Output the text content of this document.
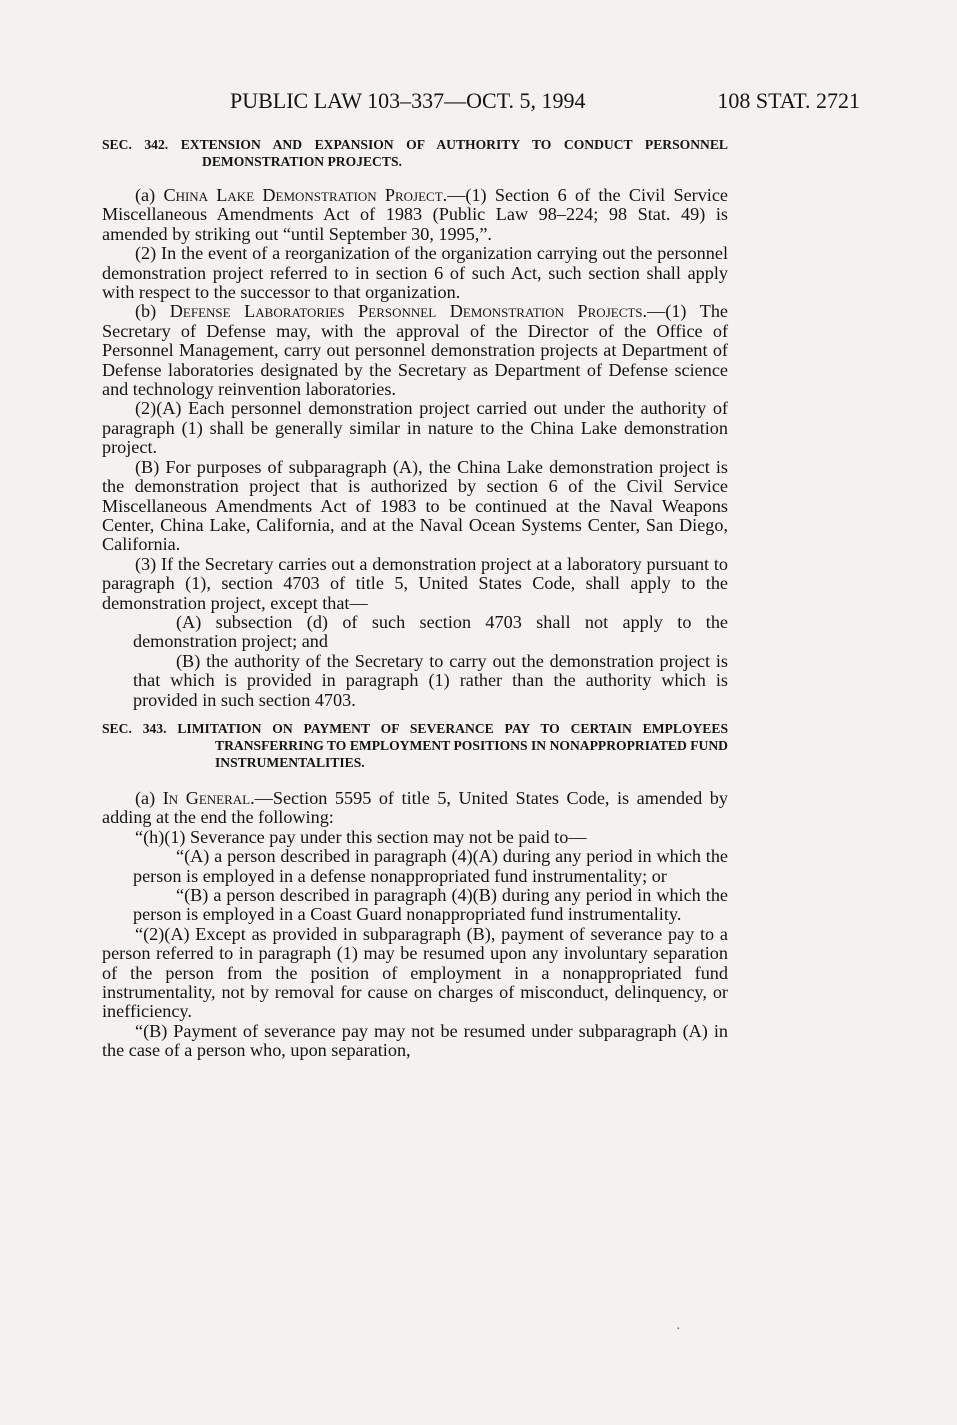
PUBLIC LAW 103–337—OCT. 5, 1994	108 STAT. 2721

SEC. 342. EXTENSION AND EXPANSION OF AUTHORITY TO CONDUCT PERSONNEL DEMONSTRATION PROJECTS.

(a) China Lake Demonstration Project.—(1) Section 6 of the Civil Service Miscellaneous Amendments Act of 1983 (Public Law 98–224; 98 Stat. 49) is amended by striking out “until September 30, 1995,”.

(2) In the event of a reorganization of the organization carrying out the personnel demonstration project referred to in section 6 of such Act, such section shall apply with respect to the successor to that organization.

(b) Defense Laboratories Personnel Demonstration Projects.—(1) The Secretary of Defense may, with the approval of the Director of the Office of Personnel Management, carry out personnel demonstration projects at Department of Defense laboratories designated by the Secretary as Department of Defense science and technology reinvention laboratories.

(2)(A) Each personnel demonstration project carried out under the authority of paragraph (1) shall be generally similar in nature to the China Lake demonstration project.

(B) For purposes of subparagraph (A), the China Lake demonstration project is the demonstration project that is authorized by section 6 of the Civil Service Miscellaneous Amendments Act of 1983 to be continued at the Naval Weapons Center, China Lake, California, and at the Naval Ocean Systems Center, San Diego, California.

(3) If the Secretary carries out a demonstration project at a laboratory pursuant to paragraph (1), section 4703 of title 5, United States Code, shall apply to the demonstration project, except that—

(A) subsection (d) of such section 4703 shall not apply to the demonstration project; and

(B) the authority of the Secretary to carry out the demonstration project is that which is provided in paragraph (1) rather than the authority which is provided in such section 4703.

SEC. 343. LIMITATION ON PAYMENT OF SEVERANCE PAY TO CERTAIN EMPLOYEES TRANSFERRING TO EMPLOYMENT POSITIONS IN NONAPPROPRIATED FUND INSTRUMENTALITIES.

(a) In General.—Section 5595 of title 5, United States Code, is amended by adding at the end the following:

“(h)(1) Severance pay under this section may not be paid to—

“(A) a person described in paragraph (4)(A) during any period in which the person is employed in a defense nonappropriated fund instrumentality; or

“(B) a person described in paragraph (4)(B) during any period in which the person is employed in a Coast Guard nonappropriated fund instrumentality.

“(2)(A) Except as provided in subparagraph (B), payment of severance pay to a person referred to in paragraph (1) may be resumed upon any involuntary separation of the person from the position of employment in a nonappropriated fund instrumentality, not by removal for cause on charges of misconduct, delinquency, or inefficiency.

“(B) Payment of severance pay may not be resumed under subparagraph (A) in the case of a person who, upon separation,

·
